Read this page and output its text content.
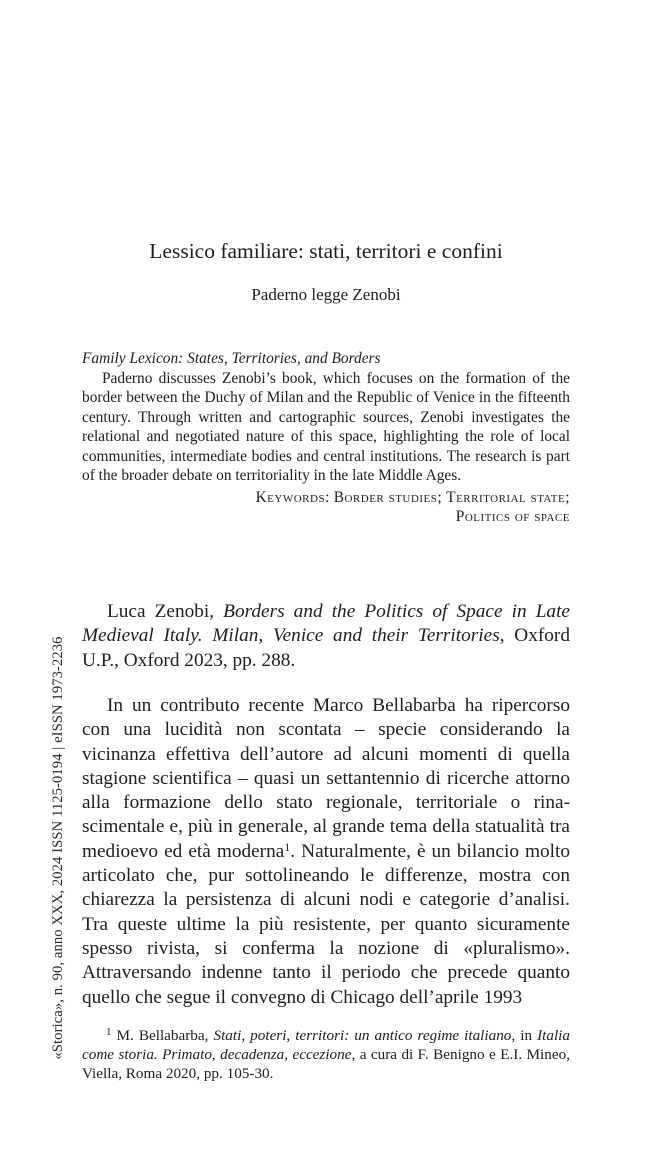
«Storica», n. 90, anno XXX, 2024 ISSN 1125-0194 | eISSN 1973-2236
Lessico familiare: stati, territori e confini
Paderno legge Zenobi
Family Lexicon: States, Territories, and Borders

Paderno discusses Zenobi’s book, which focuses on the formation of the border between the Duchy of Milan and the Republic of Venice in the fifteenth century. Through written and cartographic sources, Zenobi investigates the relational and negotiated nature of this space, highlighting the role of local communities, intermediate bodies and central institutions. The research is part of the broader debate on territoriality in the late Middle Ages.

Keywords: Border studies; Territorial state;
Politics of space

Luca Zenobi, Borders and the Politics of Space in Late Medieval Italy. Milan, Venice and their Territories, Oxford U.P., Oxford 2023, pp. 288.

In un contributo recente Marco Bellabarba ha ripercorso con una lucidità non scontata – specie considerando la vicinanza effettiva dell’autore ad alcuni momenti di quella stagione scientifica – quasi un settantennio di ricerche attorno alla formazione dello stato regionale, territoriale o rinascimentale e, più in generale, al grande tema della statualità tra medioevo ed età moderna$^1$. Naturalmente, è un bilancio molto articolato che, pur sottolineando le differenze, mostra con chiarezza la persistenza di alcuni nodi e categorie d’analisi. Tra queste ultime la più resistente, per quanto sicuramente spesso rivista, si conferma la nozione di «pluralismo». Attraversando indenne tanto il periodo che precede quanto quello che segue il convegno di Chicago dell’aprile 1993

$^1$ M. Bellabarba, Stati, poteri, territori: un antico regime italiano, in Italia come storia. Primato, decadenza, eccezione, a cura di F. Benigno e E.I. Mineo, Viella, Roma 2020, pp. 105-30.
